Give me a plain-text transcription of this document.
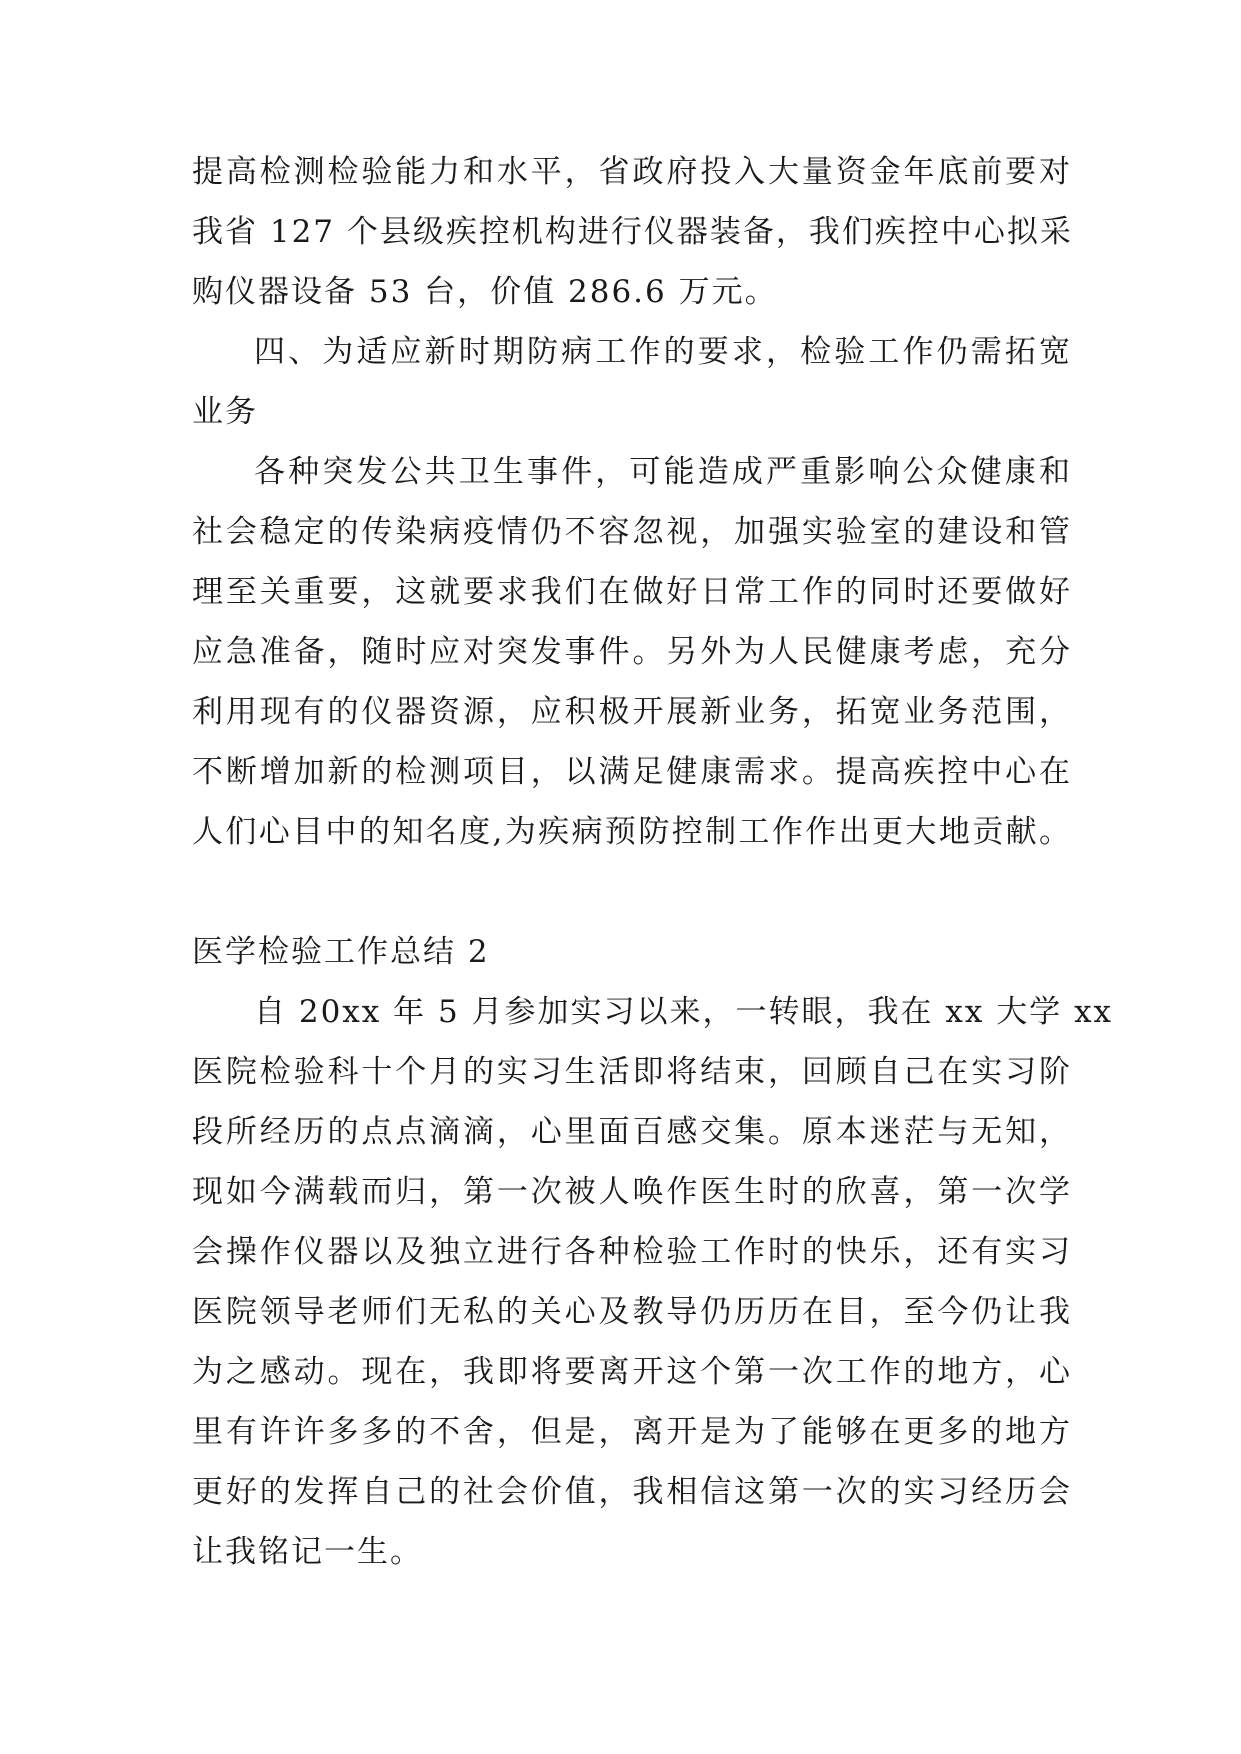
提高检测检验能力和水平，省政府投入大量资金年底前要对
我省 127 个县级疾控机构进行仪器装备，我们疾控中心拟采
购仪器设备 53 台，价值 286.6 万元。
四、为适应新时期防病工作的要求，检验工作仍需拓宽
业务
各种突发公共卫生事件，可能造成严重影响公众健康和
社会稳定的传染病疫情仍不容忽视，加强实验室的建设和管
理至关重要，这就要求我们在做好日常工作的同时还要做好
应急准备，随时应对突发事件。另外为人民健康考虑，充分
利用现有的仪器资源，应积极开展新业务，拓宽业务范围，
不断增加新的检测项目，以满足健康需求。提高疾控中心在
人们心目中的知名度,为疾病预防控制工作作出更大地贡献。
医学检验工作总结 2
自 20xx 年 5 月参加实习以来，一转眼，我在 xx 大学 xx
医院检验科十个月的实习生活即将结束，回顾自己在实习阶
段所经历的点点滴滴，心里面百感交集。原本迷茫与无知，
现如今满载而归，第一次被人唤作医生时的欣喜，第一次学
会操作仪器以及独立进行各种检验工作时的快乐，还有实习
医院领导老师们无私的关心及教导仍历历在目，至今仍让我
为之感动。现在，我即将要离开这个第一次工作的地方，心
里有许许多多的不舍，但是，离开是为了能够在更多的地方
更好的发挥自己的社会价值，我相信这第一次的实习经历会
让我铭记一生。
